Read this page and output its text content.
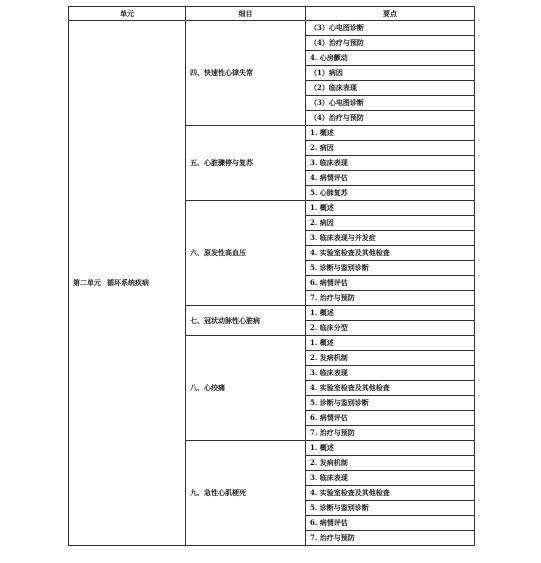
单元	细目	要点
第二单元 循环系统疾病	四、快速性心律失常	（3）心电图诊断
		（4）治疗与预防
		4. 心房颤动
		（1）病因
		（2）临床表现
		（3）心电图诊断
		（4）治疗与预防
	五、心脏骤停与复苏	1. 概述
		2. 病因
		3. 临床表现
		4. 病情评估
		5. 心肺复苏
	六、原发性高血压	1. 概述
		2. 病因
		3. 临床表现与并发症
		4. 实验室检查及其他检查
		5. 诊断与鉴别诊断
		6. 病情评估
		7. 治疗与预防
	七、冠状动脉性心脏病	1. 概述
		2. 临床分型
	八、心绞痛	1. 概述
		2. 发病机制
		3. 临床表现
		4. 实验室检查及其他检查
		5. 诊断与鉴别诊断
		6. 病情评估
		7. 治疗与预防
	九、急性心肌梗死	1. 概述
		2. 发病机制
		3. 临床表现
		4. 实验室检查及其他检查
		5. 诊断与鉴别诊断
		6. 病情评估
		7. 治疗与预防
